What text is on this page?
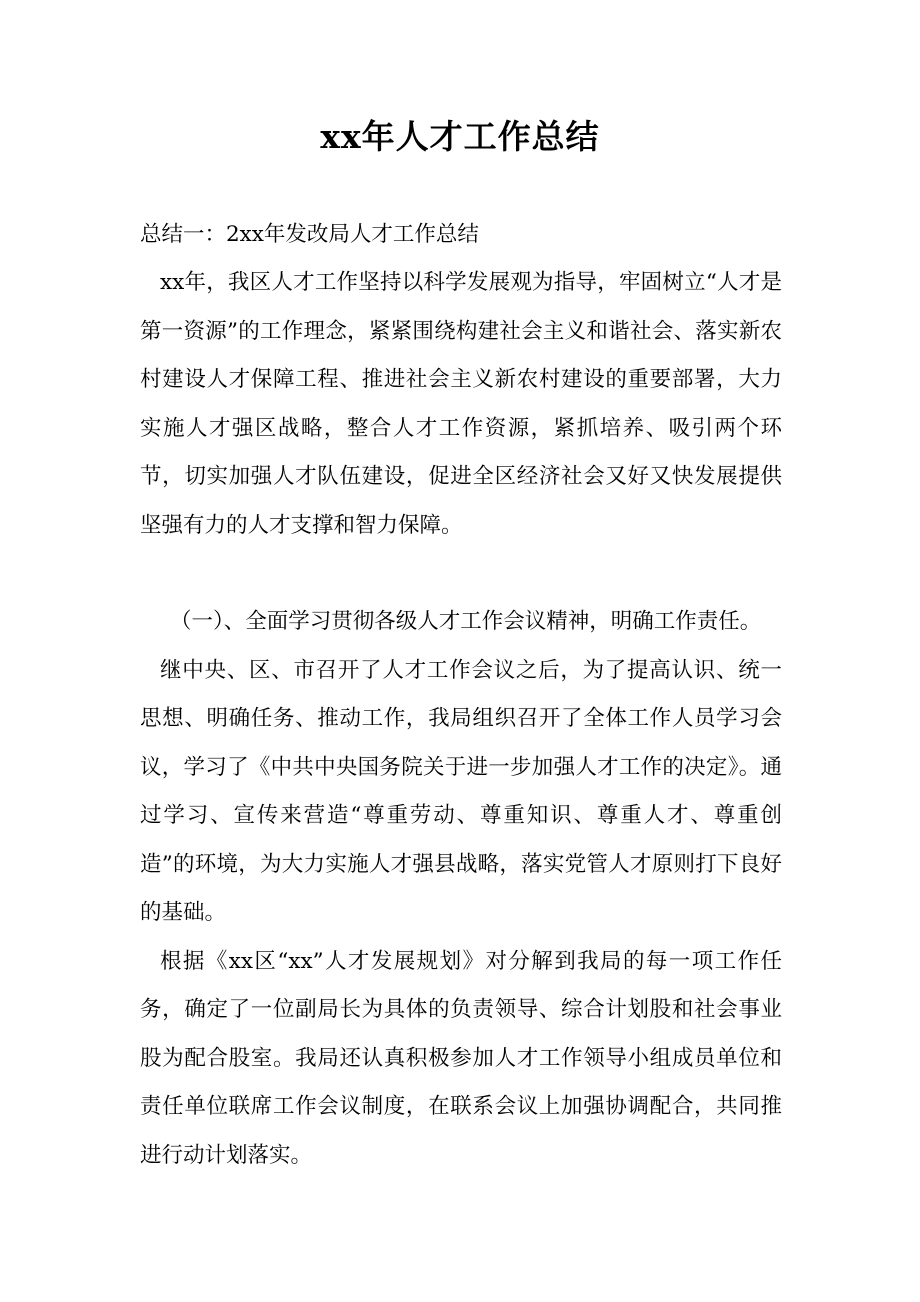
xx年人才工作总结

总结一：2xx年发改局人才工作总结

xx年，我区人才工作坚持以科学发展观为指导，牢固树立“人才是第一资源”的工作理念，紧紧围绕构建社会主义和谐社会、落实新农村建设人才保障工程、推进社会主义新农村建设的重要部署，大力实施人才强区战略，整合人才工作资源，紧抓培养、吸引两个环节，切实加强人才队伍建设，促进全区经济社会又好又快发展提供坚强有力的人才支撑和智力保障。

（一）、全面学习贯彻各级人才工作会议精神，明确工作责任。

继中央、区、市召开了人才工作会议之后，为了提高认识、统一思想、明确任务、推动工作，我局组织召开了全体工作人员学习会议，学习了《中共中央国务院关于进一步加强人才工作的决定》。通过学习、宣传来营造“尊重劳动、尊重知识、尊重人才、尊重创造”的环境，为大力实施人才强县战略，落实党管人才原则打下良好的基础。

根据《xx区“xx”人才发展规划》对分解到我局的每一项工作任务，确定了一位副局长为具体的负责领导、综合计划股和社会事业股为配合股室。我局还认真积极参加人才工作领导小组成员单位和责任单位联席工作会议制度，在联系会议上加强协调配合，共同推进行动计划落实。
